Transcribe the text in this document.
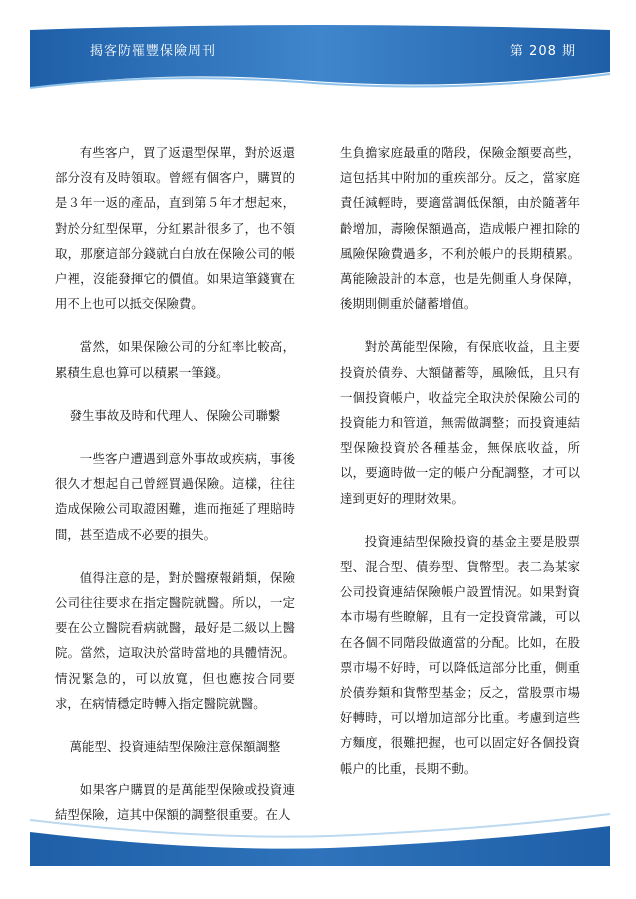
揭客防罹豐保險周刊	第 208 期

有些客户，買了返還型保單，對於返還部分沒有及時領取。曾經有個客户，購買的是３年一返的產品，直到第５年才想起來，對於分紅型保單，分紅累計很多了，也不領取，那麼這部分錢就白白放在保險公司的帳户裡，沒能發揮它的價值。如果這筆錢實在用不上也可以抵交保險費。

當然，如果保險公司的分紅率比較高，累積生息也算可以積累一筆錢。

發生事故及時和代理人、保險公司聯繫

一些客户遭遇到意外事故或疾病，事後很久才想起自己曾經買過保險。這樣，往往造成保險公司取證困難，進而拖延了理賠時間，甚至造成不必要的損失。

值得注意的是，對於醫療報銷類，保險公司往往要求在指定醫院就醫。所以，一定要在公立醫院看病就醫，最好是二級以上醫院。當然，這取決於當時當地的具體情況。情況緊急的，可以放寬，但也應按合同要求，在病情穩定時轉入指定醫院就醫。

萬能型、投資連結型保險注意保額調整

如果客户購買的是萬能型保險或投資連結型保險，這其中保額的調整很重要。在人

生負擔家庭最重的階段，保險金額要高些，這包括其中附加的重疾部分。反之，當家庭責任減輕時，要適當調低保額，由於隨著年齡增加，壽險保額過高，造成帳户裡扣除的風險保險費過多，不利於帳户的長期積累。萬能險設計的本意，也是先側重人身保障，後期則側重於儲蓄增值。

對於萬能型保險，有保底收益，且主要投資於債券、大額儲蓄等，風險低，且只有一個投資帳户，收益完全取決於保險公司的投資能力和管道，無需做調整；而投資連結型保險投資於各種基金，無保底收益，所以，要適時做一定的帳户分配調整，才可以達到更好的理財效果。

投資連結型保險投資的基金主要是股票型、混合型、債券型、貨幣型。表二為某家公司投資連結保險帳户設置情況。如果對資本市場有些瞭解，且有一定投資常識，可以在各個不同階段做適當的分配。比如，在股票市場不好時，可以降低這部分比重，側重於債券類和貨幣型基金；反之，當股票市場好轉時，可以增加這部分比重。考慮到這些方麵度，很難把握，也可以固定好各個投資帳户的比重，長期不動。
